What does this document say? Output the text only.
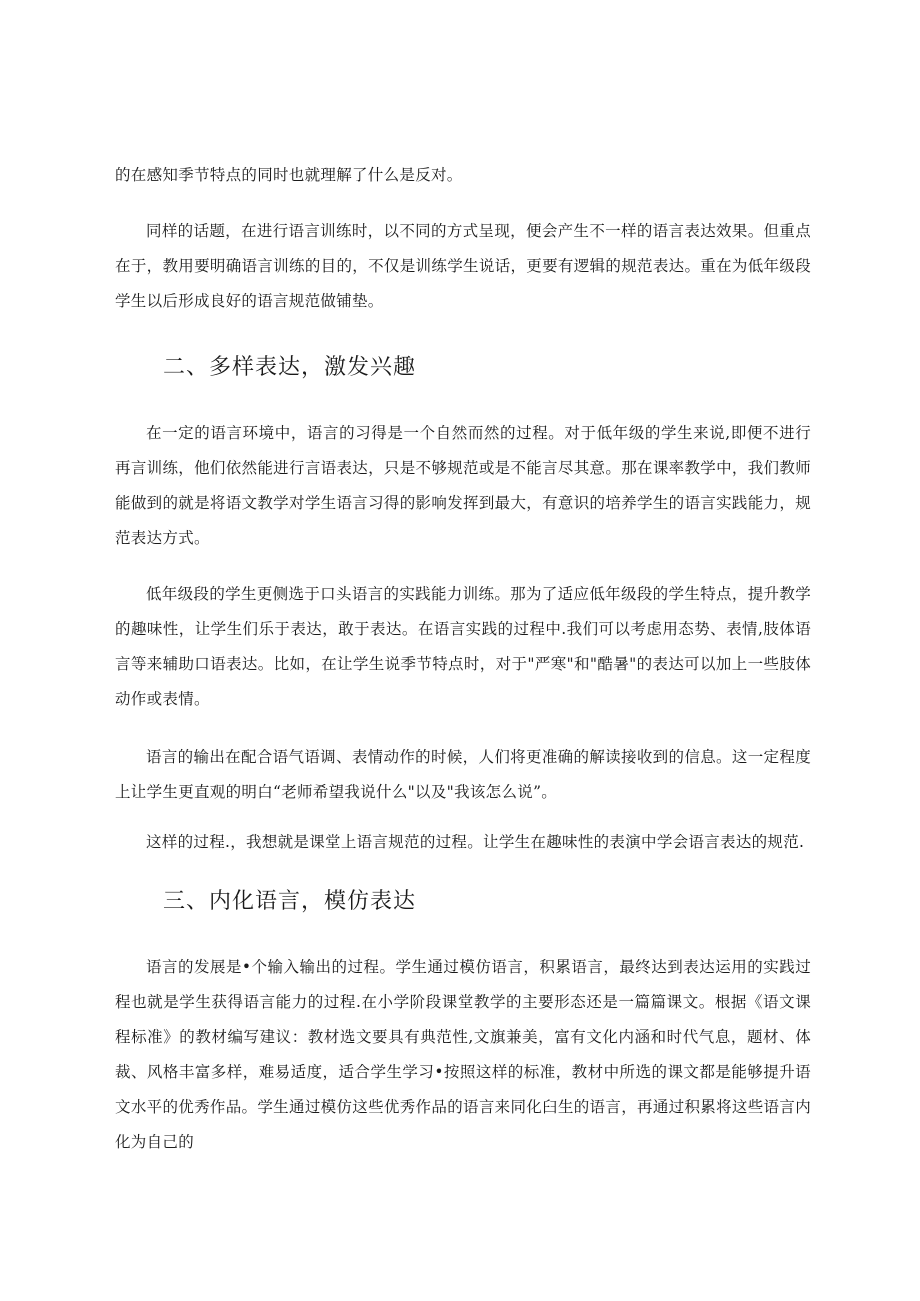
的在感知季节特点的同时也就理解了什么是反对。

同样的话题，在进行语言训练时，以不同的方式呈现，便会产生不一样的语言表达效果。但重点在于，教用要明确语言训练的目的，不仅是训练学生说话，更要有逻辑的规范表达。重在为低年级段学生以后形成良好的语言规范做铺垫。

二、多样表达，激发兴趣

在一定的语言环境中，语言的习得是一个自然而然的过程。对于低年级的学生来说,即便不进行再言训练，他们依然能进行言语表达，只是不够规范或是不能言尽其意。那在课率教学中，我们教师能做到的就是将语文教学对学生语言习得的影响发挥到最大，有意识的培养学生的语言实践能力，规范表达方式。

低年级段的学生更侧选于口头语言的实践能力训练。那为了适应低年级段的学生特点，提升教学的趣味性，让学生们乐于表达，敢于表达。在语言实践的过程中.我们可以考虑用态势、表情,肢体语言等来辅助口语表达。比如，在让学生说季节特点时，对于"严寒"和"酷暑"的表达可以加上一些肢体动作或表情。

语言的输出在配合语气语调、表情动作的时候，人们将更准确的解读接收到的信息。这一定程度上让学生更直观的明白“老师希望我说什么"以及"我该怎么说”。

这样的过程.，我想就是课堂上语言规范的过程。让学生在趣味性的表演中学会语言表达的规范.

三、内化语言，模仿表达

语言的发展是•个输入输出的过程。学生通过模仿语言，积累语言，最终达到表达运用的实践过程也就是学生获得语言能力的过程.在小学阶段课堂教学的主要形态还是一篇篇课文。根据《语文课程标准》的教材编写建议：教材选文要具有典范性,文旗兼美，富有文化内涵和时代气息，题材、体裁、风格丰富多样，难易适度，适合学生学习•按照这样的标准，教材中所选的课文都是能够提升语文水平的优秀作品。学生通过模仿这些优秀作品的语言来同化臼生的语言，再通过积累将这些语言内化为自己的
